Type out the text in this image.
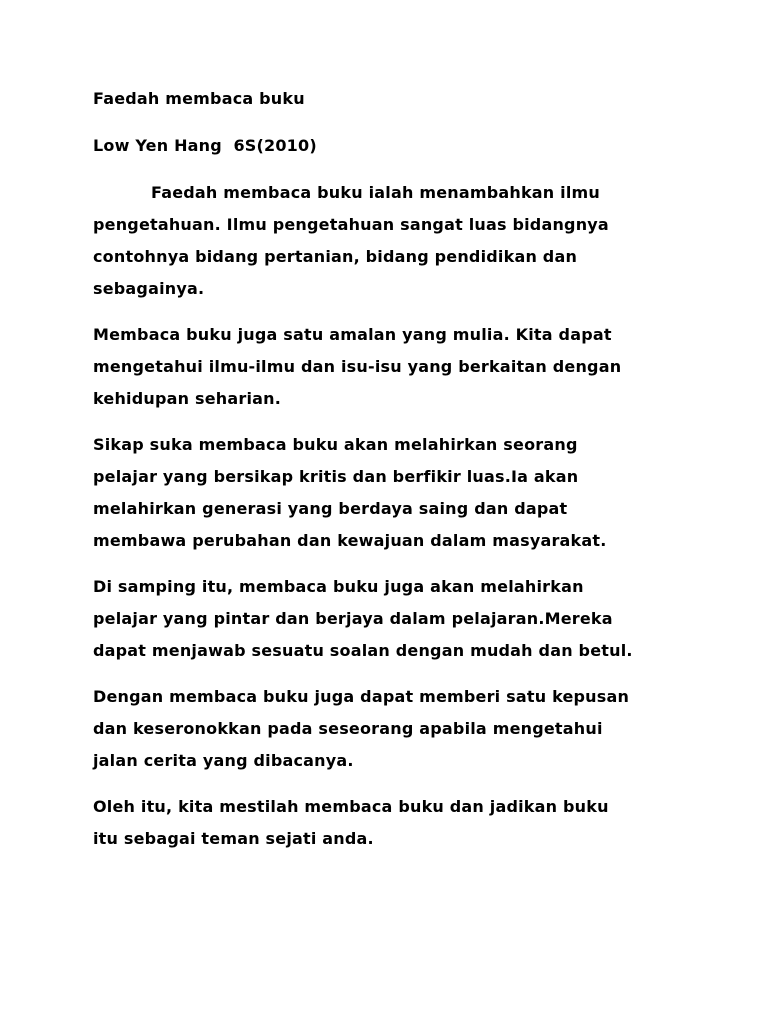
Faedah membaca buku

Low Yen Hang  6S(2010)

Faedah membaca buku ialah menambahkan ilmu
pengetahuan. Ilmu pengetahuan sangat luas bidangnya
contohnya bidang pertanian, bidang pendidikan dan
sebagainya.

Membaca buku juga satu amalan yang mulia. Kita dapat
mengetahui ilmu-ilmu dan isu-isu yang berkaitan dengan
kehidupan seharian.

Sikap suka membaca buku akan melahirkan seorang
pelajar yang bersikap kritis dan berfikir luas.Ia akan
melahirkan generasi yang berdaya saing dan dapat
membawa perubahan dan kewajuan dalam masyarakat.

Di samping itu, membaca buku juga akan melahirkan
pelajar yang pintar dan berjaya dalam pelajaran.Mereka
dapat menjawab sesuatu soalan dengan mudah dan betul.

Dengan membaca buku juga dapat memberi satu kepusan
dan keseronokkan pada seseorang apabila mengetahui
jalan cerita yang dibacanya.

Oleh itu, kita mestilah membaca buku dan jadikan buku
itu sebagai teman sejati anda.
